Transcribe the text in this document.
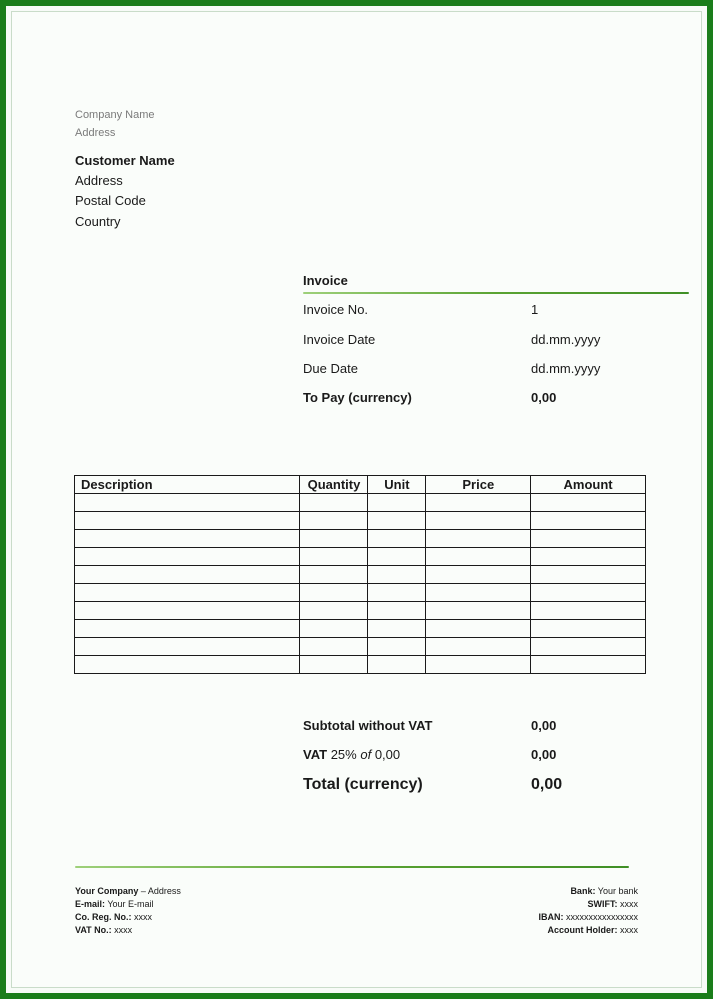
Company Name
Address
Customer Name
Address
Postal Code
Country
Invoice
Invoice No.	1
Invoice Date	dd.mm.yyyy
Due Date	dd.mm.yyyy
To Pay (currency)	0,00
Description	Quantity	Unit	Price	Amount

Subtotal without VAT	0,00
VAT 25% of 0,00	0,00
Total (currency)	0,00
Your Company – Address
E-mail: Your E-mail
Co. Reg. No.: xxxx
VAT No.: xxxx
Bank: Your bank
SWIFT: xxxx
IBAN: xxxxxxxxxxxxxxxx
Account Holder: xxxx
